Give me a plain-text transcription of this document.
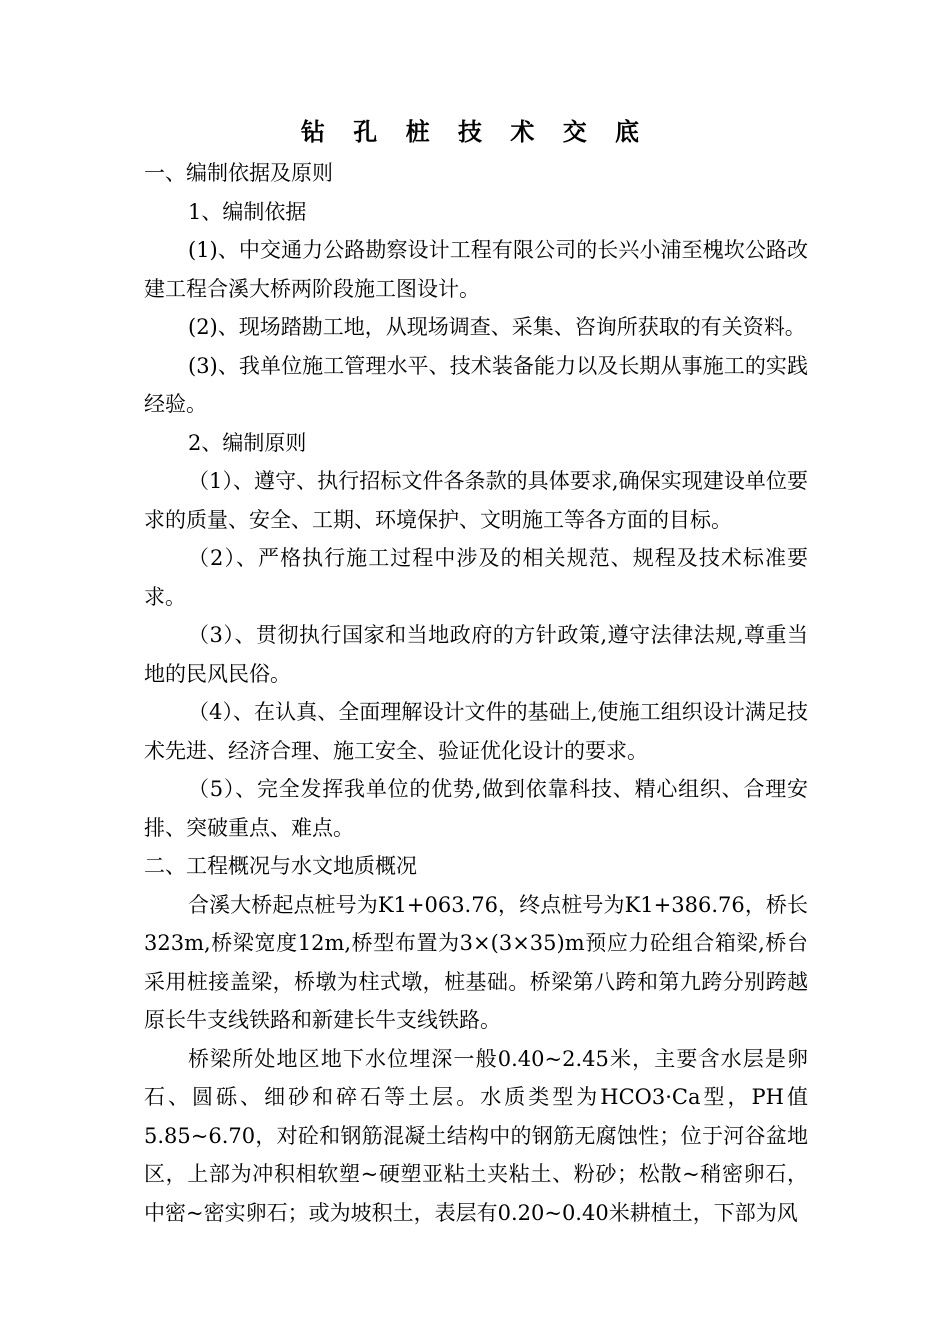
钻 孔 桩 技 术 交 底

一、编制依据及原则

1、编制依据

(1)、中交通力公路勘察设计工程有限公司的长兴小浦至槐坎公路改建工程合溪大桥两阶段施工图设计。

(2)、现场踏勘工地，从现场调查、采集、咨询所获取的有关资料。

(3)、我单位施工管理水平、技术装备能力以及长期从事施工的实践经验。

2、编制原则

（1）、遵守、执行招标文件各条款的具体要求,确保实现建设单位要求的质量、安全、工期、环境保护、文明施工等各方面的目标。

（2）、严格执行施工过程中涉及的相关规范、规程及技术标准要求。

（3）、贯彻执行国家和当地政府的方针政策,遵守法律法规,尊重当地的民风民俗。

（4）、在认真、全面理解设计文件的基础上,使施工组织设计满足技术先进、经济合理、施工安全、验证优化设计的要求。

（5）、完全发挥我单位的优势,做到依靠科技、精心组织、合理安排、突破重点、难点。

二、工程概况与水文地质概况

合溪大桥起点桩号为K1+063.76，终点桩号为K1+386.76，桥长323m,桥梁宽度12m,桥型布置为3×(3×35)m预应力砼组合箱梁,桥台采用桩接盖梁，桥墩为柱式墩，桩基础。桥梁第八跨和第九跨分别跨越原长牛支线铁路和新建长牛支线铁路。

桥梁所处地区地下水位埋深一般0.40~2.45米，主要含水层是卵石、圆砾、细砂和碎石等土层。水质类型为HCO3·Ca型，PH值5.85~6.70，对砼和钢筋混凝土结构中的钢筋无腐蚀性；位于河谷盆地区，上部为冲积相软塑~硬塑亚粘土夹粘土、粉砂；松散~稍密卵石，中密~密实卵石；或为坡积土，表层有0.20~0.40米耕植土，下部为风
